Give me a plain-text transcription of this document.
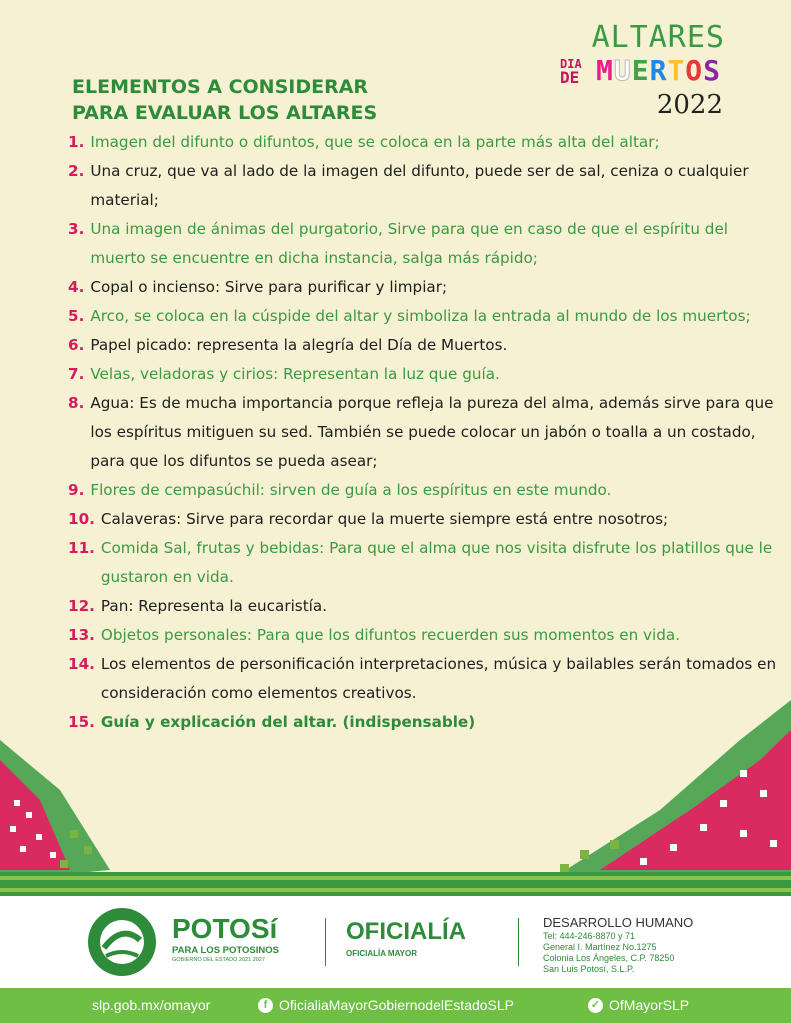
ELEMENTOS A CONSIDERAR
PARA EVALUAR LOS ALTARES
ALTARES
DIA
DE MUERTOS
2022
1. Imagen del difunto o difuntos, que se coloca en la parte más alta del altar;
2. Una cruz, que va al lado de la imagen del difunto, puede ser de sal, ceniza o cualquier material;
3. Una imagen de ánimas del purgatorio, Sirve para que en caso de que el espíritu del muerto se encuentre en dicha instancia, salga más rápido;
4. Copal o incienso: Sirve para purificar y limpiar;
5. Arco, se coloca en la cúspide del altar y simboliza la entrada al mundo de los muertos;
6. Papel picado: representa la alegría del Día de Muertos.
7. Velas, veladoras y cirios: Representan la luz que guía.
8. Agua: Es de mucha importancia porque refleja la pureza del alma, además sirve para que los espíritus mitiguen su sed. También se puede colocar un jabón o toalla a un costado, para que los difuntos se pueda asear;
9. Flores de cempasúchil: sirven de guía a los espíritus en este mundo.
10. Calaveras: Sirve para recordar que la muerte siempre está entre nosotros;
11. Comida Sal, frutas y bebidas: Para que el alma que nos visita disfrute los platillos que le gustaron en vida.
12. Pan: Representa la eucaristía.
13. Objetos personales: Para que los difuntos recuerden sus momentos en vida.
14. Los elementos de personificación interpretaciones, música y bailables serán tomados en consideración como elementos creativos.
15. Guía y explicación del altar. (indispensable)
POTOSí
PARA LOS POTOSINOS
GOBIERNO DEL ESTADO 2021 2027
OFICIALÍA
OFICIALÍA MAYOR
DESARROLLO HUMANO
Tel: 444-246-8870 y 71
General I. Martínez No.1275
Colonia Los Ángeles, C.P. 78250
San Luis Potosí, S.L.P.
slp.gob.mx/omayor	f OficialiaMayorGobiernodelEstadoSLP	✓ OfMayorSLP
